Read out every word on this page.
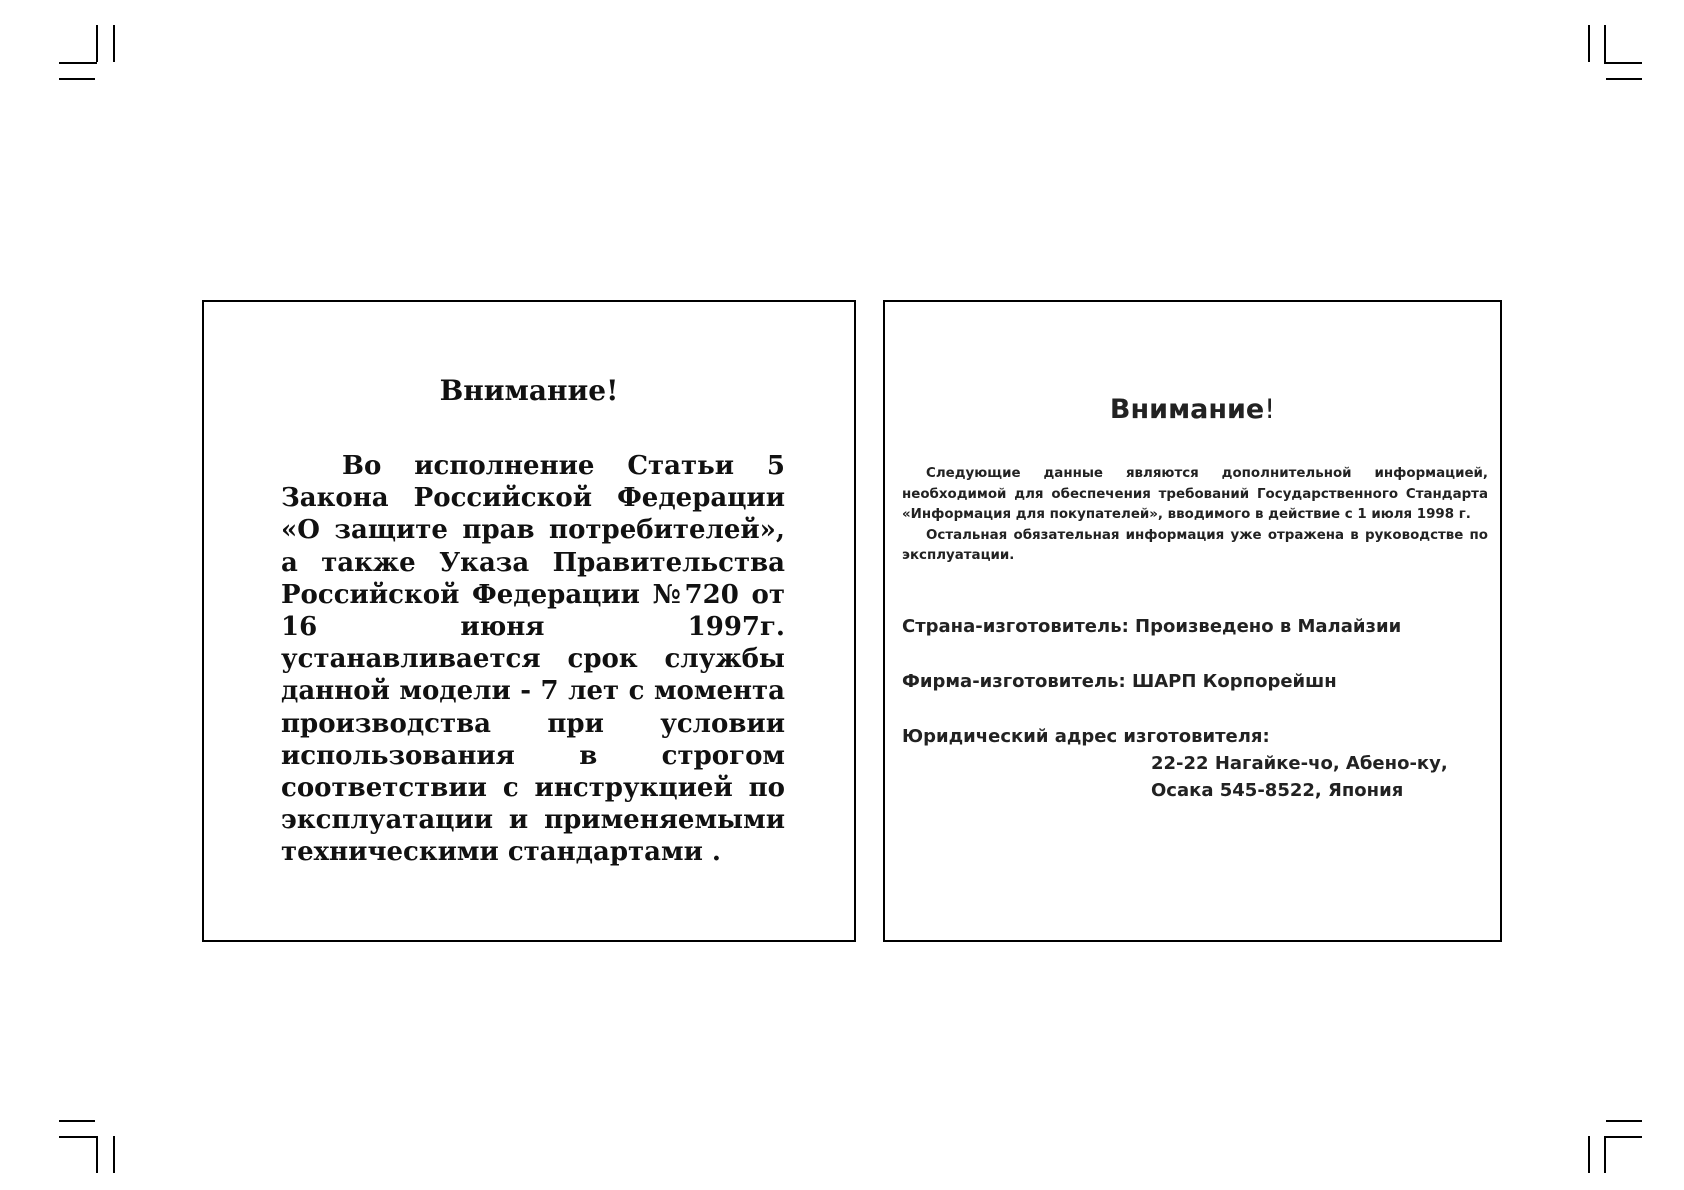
Внимание!
Во исполнение Статьи 5 Закона Российской Федерации «О защите прав потребителей», а также Указа Правительства Российской Федерации №720 от 16 июня 1997г. устанавливается срок службы данной модели - 7 лет с момента производства при условии использования в строгом соответствии с инструкцией по эксплуатации и применяемыми техническими стандартами .
Внимание!

Следующие данные являются дополнительной информацией, необходимой для обеспечения требований Государственного Стандарта «Информация для покупателей», вводимого в действие с 1 июля 1998 г.

Остальная обязательная информация уже отражена в руководстве по эксплуатации.

Страна-изготовитель: Произведено в Малайзии
Фирма-изготовитель: ШАРП Корпорейшн
Юридический адрес изготовителя:
22-22 Нагайке-чо, Абено-ку,
Осака 545-8522, Япония
